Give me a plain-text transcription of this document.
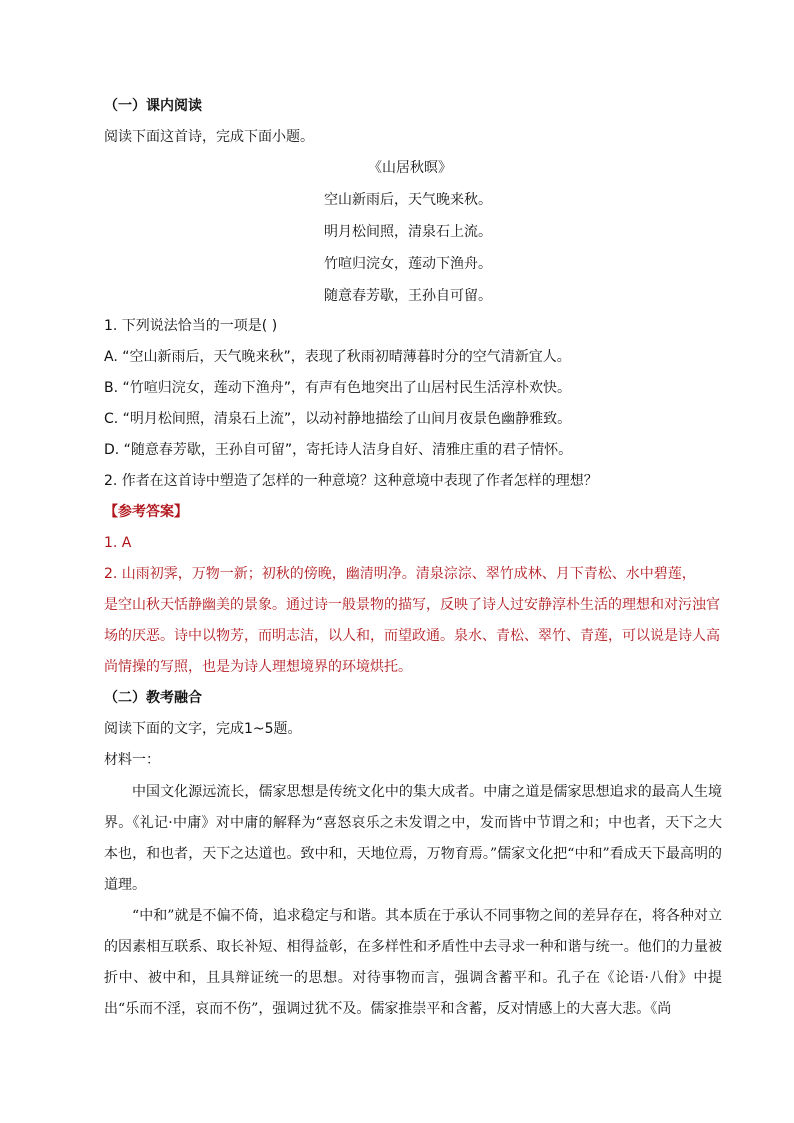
（一）课内阅读
阅读下面这首诗，完成下面小题。
《山居秋暝》
空山新雨后，天气晚来秋。
明月松间照，清泉石上流。
竹喧归浣女，莲动下渔舟。
随意春芳歇，王孙自可留。
1. 下列说法恰当的一项是( )
A. “空山新雨后，天气晚来秋”，表现了秋雨初晴薄暮时分的空气清新宜人。
B. “竹喧归浣女，莲动下渔舟”，有声有色地突出了山居村民生活淳朴欢快。
C. “明月松间照，清泉石上流”，以动衬静地描绘了山间月夜景色幽静雅致。
D. “随意春芳歇，王孙自可留”，寄托诗人洁身自好、清雅庄重的君子情怀。
2. 作者在这首诗中塑造了怎样的一种意境？这种意境中表现了作者怎样的理想？
【参考答案】
1. A
2. 山雨初霁，万物一新；初秋的傍晚，幽清明净。清泉淙淙、翠竹成林、月下青松、水中碧莲，
是空山秋天恬静幽美的景象。通过诗一般景物的描写，反映了诗人过安静淳朴生活的理想和对污浊官
场的厌恶。诗中以物芳，而明志洁，以人和，而望政通。泉水、青松、翠竹、青莲，可以说是诗人高
尚情操的写照，也是为诗人理想境界的环境烘托。
（二）教考融合
阅读下面的文字，完成1~5题。
材料一：

中国文化源远流长，儒家思想是传统文化中的集大成者。中庸之道是儒家思想追求的最高人生境界。《礼记·中庸》对中庸的解释为“喜怒哀乐之未发谓之中，发而皆中节谓之和；中也者，天下之大本也，和也者，天下之达道也。致中和，天地位焉，万物育焉。”儒家文化把“中和”看成天下最高明的道理。

“中和”就是不偏不倚，追求稳定与和谐。其本质在于承认不同事物之间的差异存在，将各种对立的因素相互联系、取长补短、相得益彰，在多样性和矛盾性中去寻求一种和谐与统一。他们的力量被折中、被中和，且具辩证统一的思想。对待事物而言，强调含蓄平和。孔子在《论语·八佾》中提出“乐而不淫，哀而不伤”，强调过犹不及。儒家推崇平和含蓄，反对情感上的大喜大悲。《尚
